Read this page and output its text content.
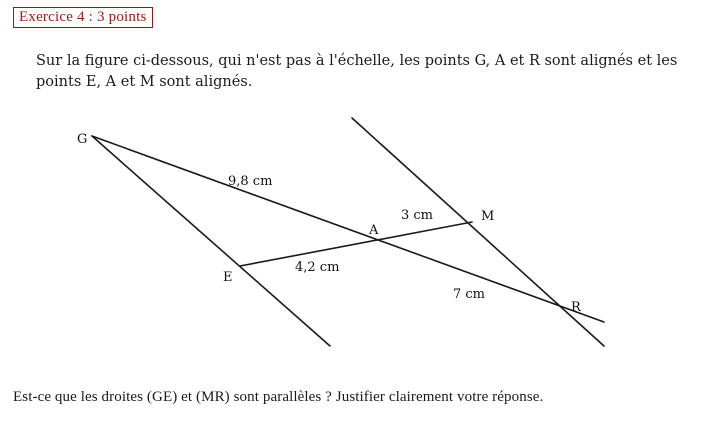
Exercice 4 : 3 points
Sur la figure ci-dessous, qui n'est pas à l'échelle, les points G, A et R sont alignés et les
points E, A et M sont alignés.
G
E
A
M
R
9,8 cm
3 cm
4,2 cm
7 cm
Est-ce que les droites (GE) et (MR) sont parallèles ? Justifier clairement votre réponse.
